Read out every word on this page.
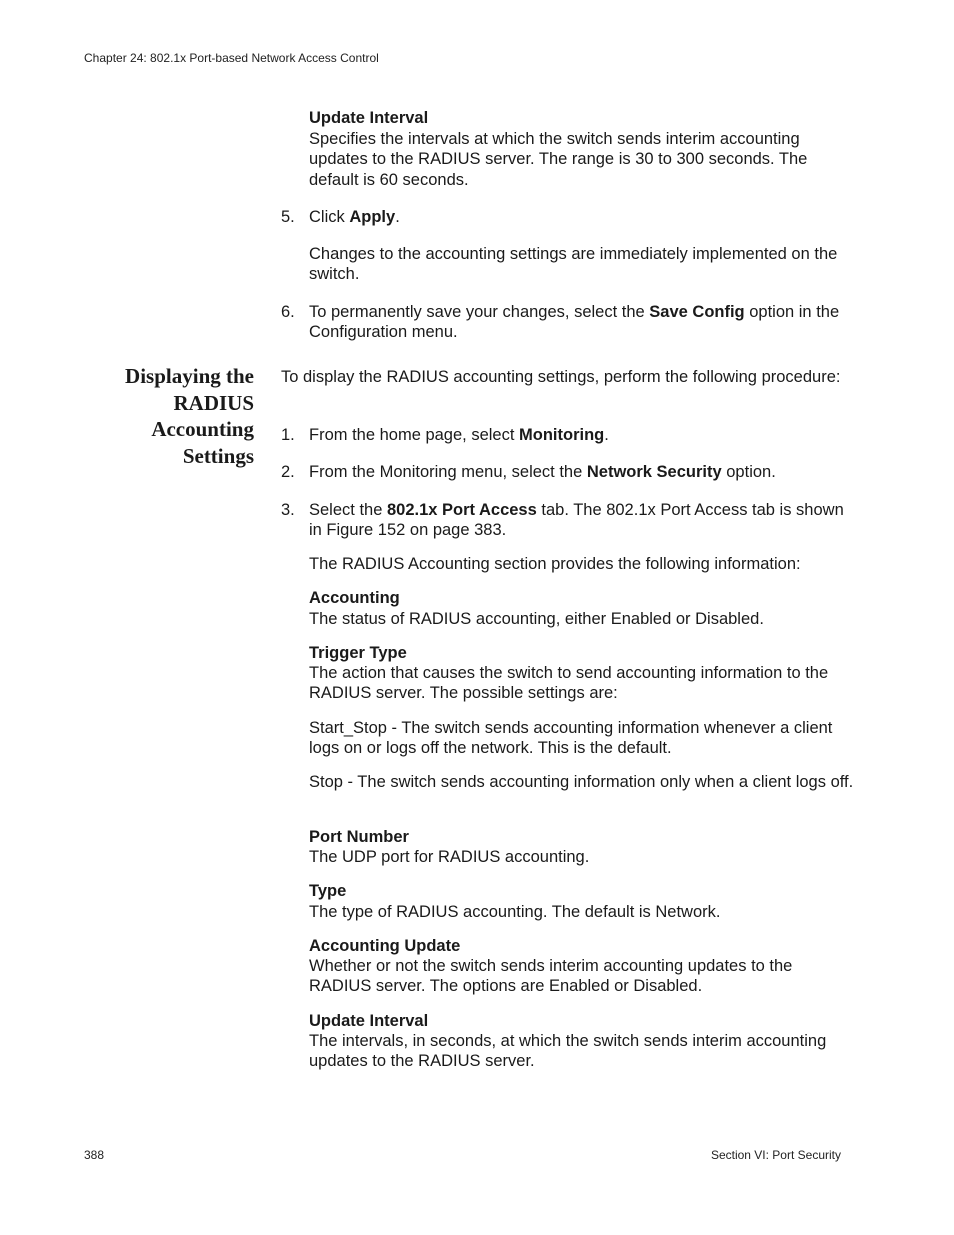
Chapter 24: 802.1x Port-based Network Access Control
Update Interval

Specifies the intervals at which the switch sends interim accounting updates to the RADIUS server. The range is 30 to 300 seconds. The default is 60 seconds.

5. Click Apply.

Changes to the accounting settings are immediately implemented on the switch.

6. To permanently save your changes, select the Save Config option in the Configuration menu.

Displaying the
RADIUS
Accounting
Settings

To display the RADIUS accounting settings, perform the following procedure:

1. From the home page, select Monitoring.

2. From the Monitoring menu, select the Network Security option.

3. Select the 802.1x Port Access tab. The 802.1x Port Access tab is shown in Figure 152 on page 383.

The RADIUS Accounting section provides the following information:

Accounting

The status of RADIUS accounting, either Enabled or Disabled.

Trigger Type

The action that causes the switch to send accounting information to the RADIUS server. The possible settings are:

Start_Stop - The switch sends accounting information whenever a client logs on or logs off the network. This is the default.

Stop - The switch sends accounting information only when a client logs off.

Port Number

The UDP port for RADIUS accounting.

Type

The type of RADIUS accounting. The default is Network.

Accounting Update

Whether or not the switch sends interim accounting updates to the RADIUS server. The options are Enabled or Disabled.

Update Interval

The intervals, in seconds, at which the switch sends interim accounting updates to the RADIUS server.

388	Section VI: Port Security
